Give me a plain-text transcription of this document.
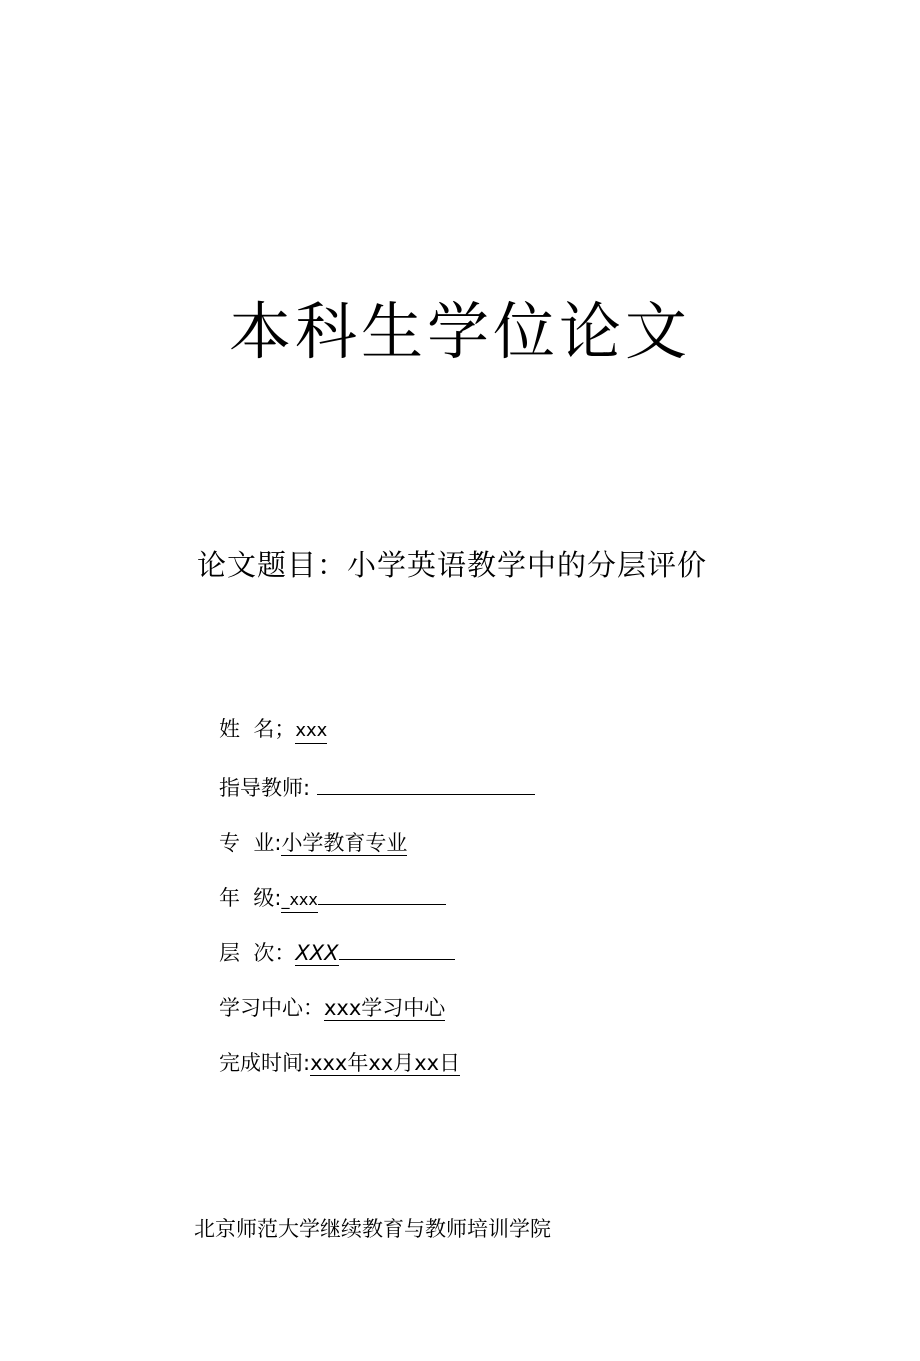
本科生学位论文
论文题目：小学英语教学中的分层评价
姓  名；xxx
指导教师:
专  业:小学教育专业
年  级:_xxx
层  次：XXX
学习中心：xxx学习中心
完成时间:xxx年xx月xx日
北京师范大学继续教育与教师培训学院
